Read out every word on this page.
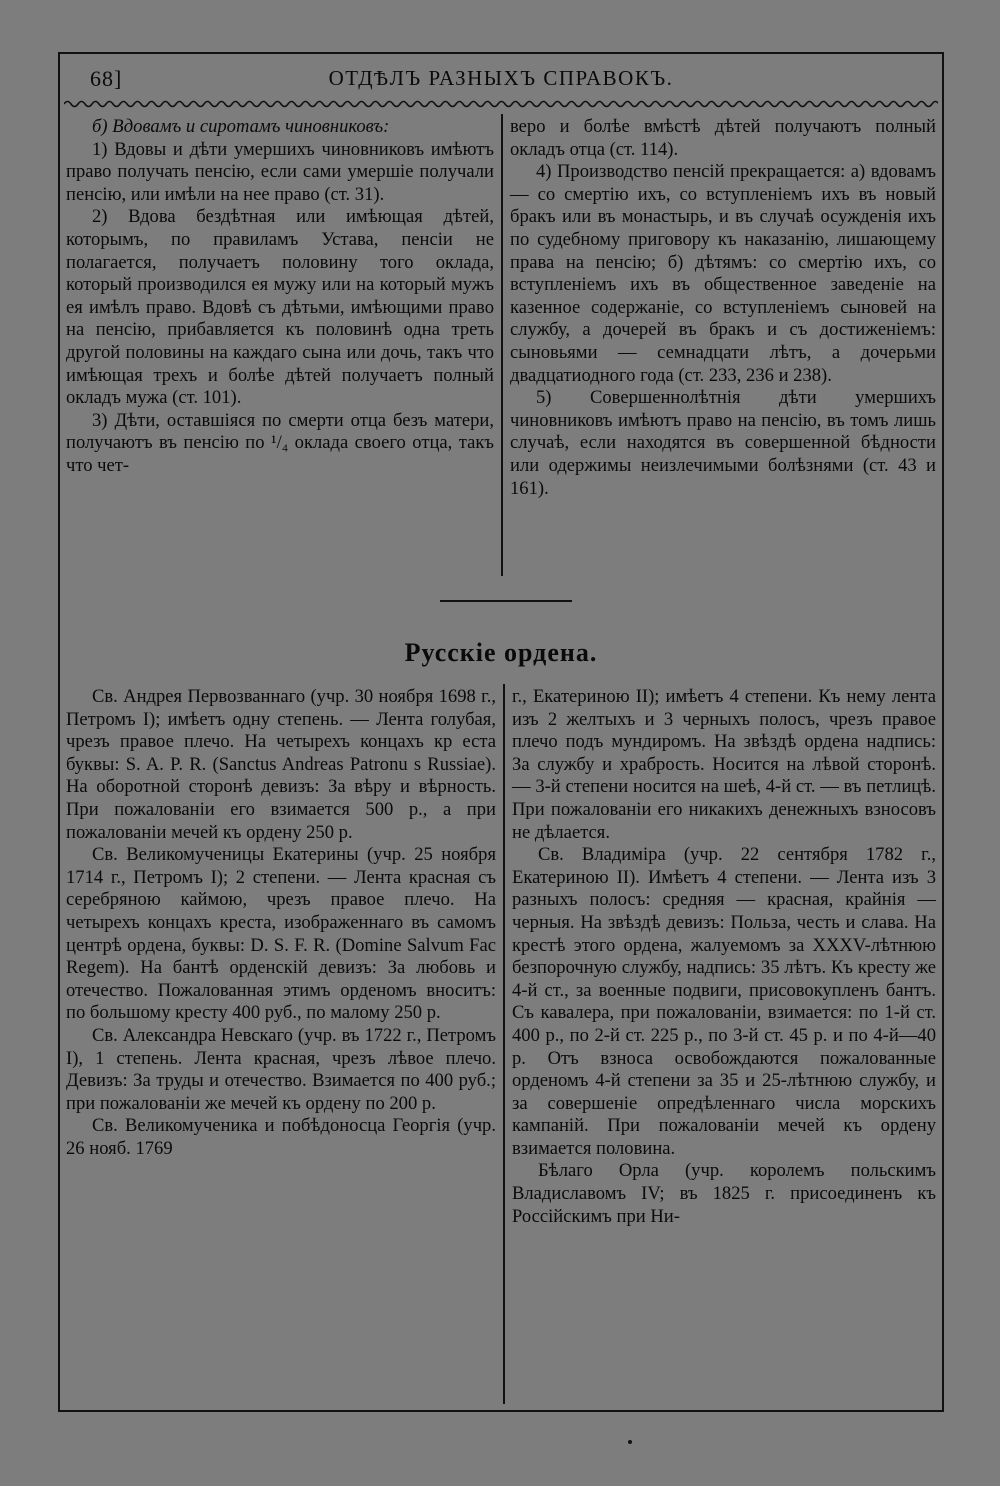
68]	ОТДѢЛЪ РАЗНЫХЪ СПРАВОКЪ.

б) Вдовамъ и сиротамъ чиновниковъ:

1) Вдовы и дѣти умершихъ чиновниковъ имѣютъ право получать пенсію, если сами умершіе получали пенсію, или имѣли на нее право (ст. 31).

2) Вдова бездѣтная или имѣющая дѣтей, которымъ, по правиламъ Устава, пенсіи не полагается, получаетъ половину того оклада, который производился ея мужу или на который мужъ ея имѣлъ право. Вдовѣ съ дѣтьми, имѣющими право на пенсію, прибавляется къ половинѣ одна треть другой половины на каждаго сына или дочь, такъ что имѣющая трехъ и болѣе дѣтей получаетъ полный окладъ мужа (ст. 101).

3) Дѣти, оставшіяся по смерти отца безъ матери, получаютъ въ пенсію по ¹/₄ оклада своего отца, такъ что чет-

веро и болѣе вмѣстѣ дѣтей получаютъ полный окладъ отца (ст. 114).

4) Производство пенсій прекращается: а) вдовамъ — со смертію ихъ, со вступленіемъ ихъ въ новый бракъ или въ монастырь, и въ случаѣ осужденія ихъ по судебному приговору къ наказанію, лишающему права на пенсію; б) дѣтямъ: со смертію ихъ, со вступленіемъ ихъ въ общественное заведеніе на казенное содержаніе, со вступленіемъ сыновей на службу, а дочерей въ бракъ и съ достиженіемъ: сыновьями — семнадцати лѣтъ, а дочерьми двадцатиодного года (ст. 233, 236 и 238).

5) Совершеннолѣтнія дѣти умершихъ чиновниковъ имѣютъ право на пенсію, въ томъ лишь случаѣ, если находятся въ совершенной бѣдности или одержимы неизлечимыми болѣзнями (ст. 43 и 161).

Русскіе ордена.

Св. Андрея Первозваннаго (учр. 30 ноября 1698 г., Петромъ I); имѣетъ одну степень. — Лента голубая, чрезъ правое плечо. На четырехъ концахъ кр еста буквы: S. A. P. R. (Sanctus Andreas Patronu s Russiae). На оборотной сторонѣ девизъ: За вѣру и вѣрность. При пожалованіи его взимается 500 р., а при пожалованіи мечей къ ордену 250 р.

Св. Великомученицы Екатерины (учр. 25 ноября 1714 г., Петромъ I); 2 степени. — Лента красная съ серебряною каймою, чрезъ правое плечо. На четырехъ концахъ креста, изображеннаго въ самомъ центрѣ ордена, буквы: D. S. F. R. (Domine Salvum Fac Regem). На бантѣ орденскій девизъ: За любовь и отечество. Пожалованная этимъ орденомъ вноситъ: по большому кресту 400 руб., по малому 250 р.

Св. Александра Невскаго (учр. въ 1722 г., Петромъ I), 1 степень. Лента красная, чрезъ лѣвое плечо. Девизъ: За труды и отечество. Взимается по 400 руб.; при пожалованіи же мечей къ ордену по 200 р.

Св. Великомученика и побѣдоносца Георгія (учр. 26 нояб. 1769

г., Екатериною II); имѣетъ 4 степени. Къ нему лента изъ 2 желтыхъ и 3 черныхъ полосъ, чрезъ правое плечо подъ мундиромъ. На звѣздѣ ордена надпись: За службу и храбрость. Носится на лѣвой сторонѣ. — 3-й степени носится на шеѣ, 4-й ст. — въ петлицѣ. При пожалованіи его никакихъ денежныхъ взносовъ не дѣлается.

Св. Владиміра (учр. 22 сентября 1782 г., Екатериною II). Имѣетъ 4 степени. — Лента изъ 3 разныхъ полосъ: средняя — красная, крайнія — черныя. На звѣздѣ девизъ: Польза, честь и слава. На крестѣ этого ордена, жалуемомъ за XXXV-лѣтнюю безпорочную службу, надпись: 35 лѣтъ. Къ кресту же 4-й ст., за военные подвиги, присовокупленъ бантъ. Съ кавалера, при пожалованіи, взимается: по 1-й ст. 400 р., по 2-й ст. 225 р., по 3-й ст. 45 р. и по 4-й—40 р. Отъ взноса освобождаются пожалованные орденомъ 4-й степени за 35 и 25-лѣтнюю службу, и за совершеніе опредѣленнаго числа морскихъ кампаній. При пожалованіи мечей къ ордену взимается половина.

Бѣлаго Орла (учр. королемъ польскимъ Владиславомъ IV; въ 1825 г. присоединенъ къ Россійскимъ при Ни-
